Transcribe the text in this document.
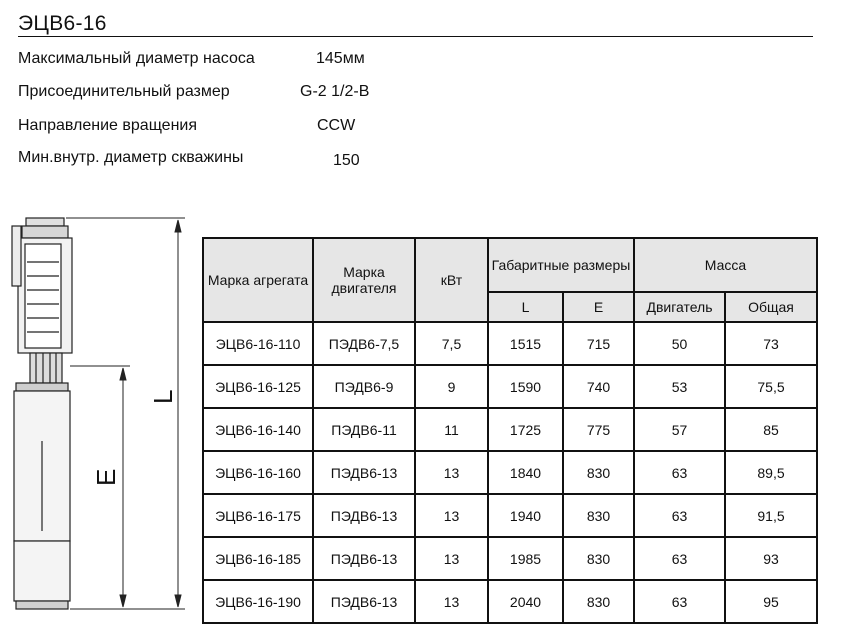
ЭЦВ6-16
Максимальный диаметр насоса	145мм
Присоединительный размер	G-2 1/2-B
Направление вращения	CCW
Мин.внутр. диаметр скважины	150
L
E
Марка агрегата	Марка двигателя	кВт	Габаритные размеры		Масса	
			L	E	Двигатель	Общая
ЭЦВ6-16-110	ПЭДВ6-7,5	7,5	1515	715	50	73
ЭЦВ6-16-125	ПЭДВ6-9	9	1590	740	53	75,5
ЭЦВ6-16-140	ПЭДВ6-11	11	1725	775	57	85
ЭЦВ6-16-160	ПЭДВ6-13	13	1840	830	63	89,5
ЭЦВ6-16-175	ПЭДВ6-13	13	1940	830	63	91,5
ЭЦВ6-16-185	ПЭДВ6-13	13	1985	830	63	93
ЭЦВ6-16-190	ПЭДВ6-13	13	2040	830	63	95
